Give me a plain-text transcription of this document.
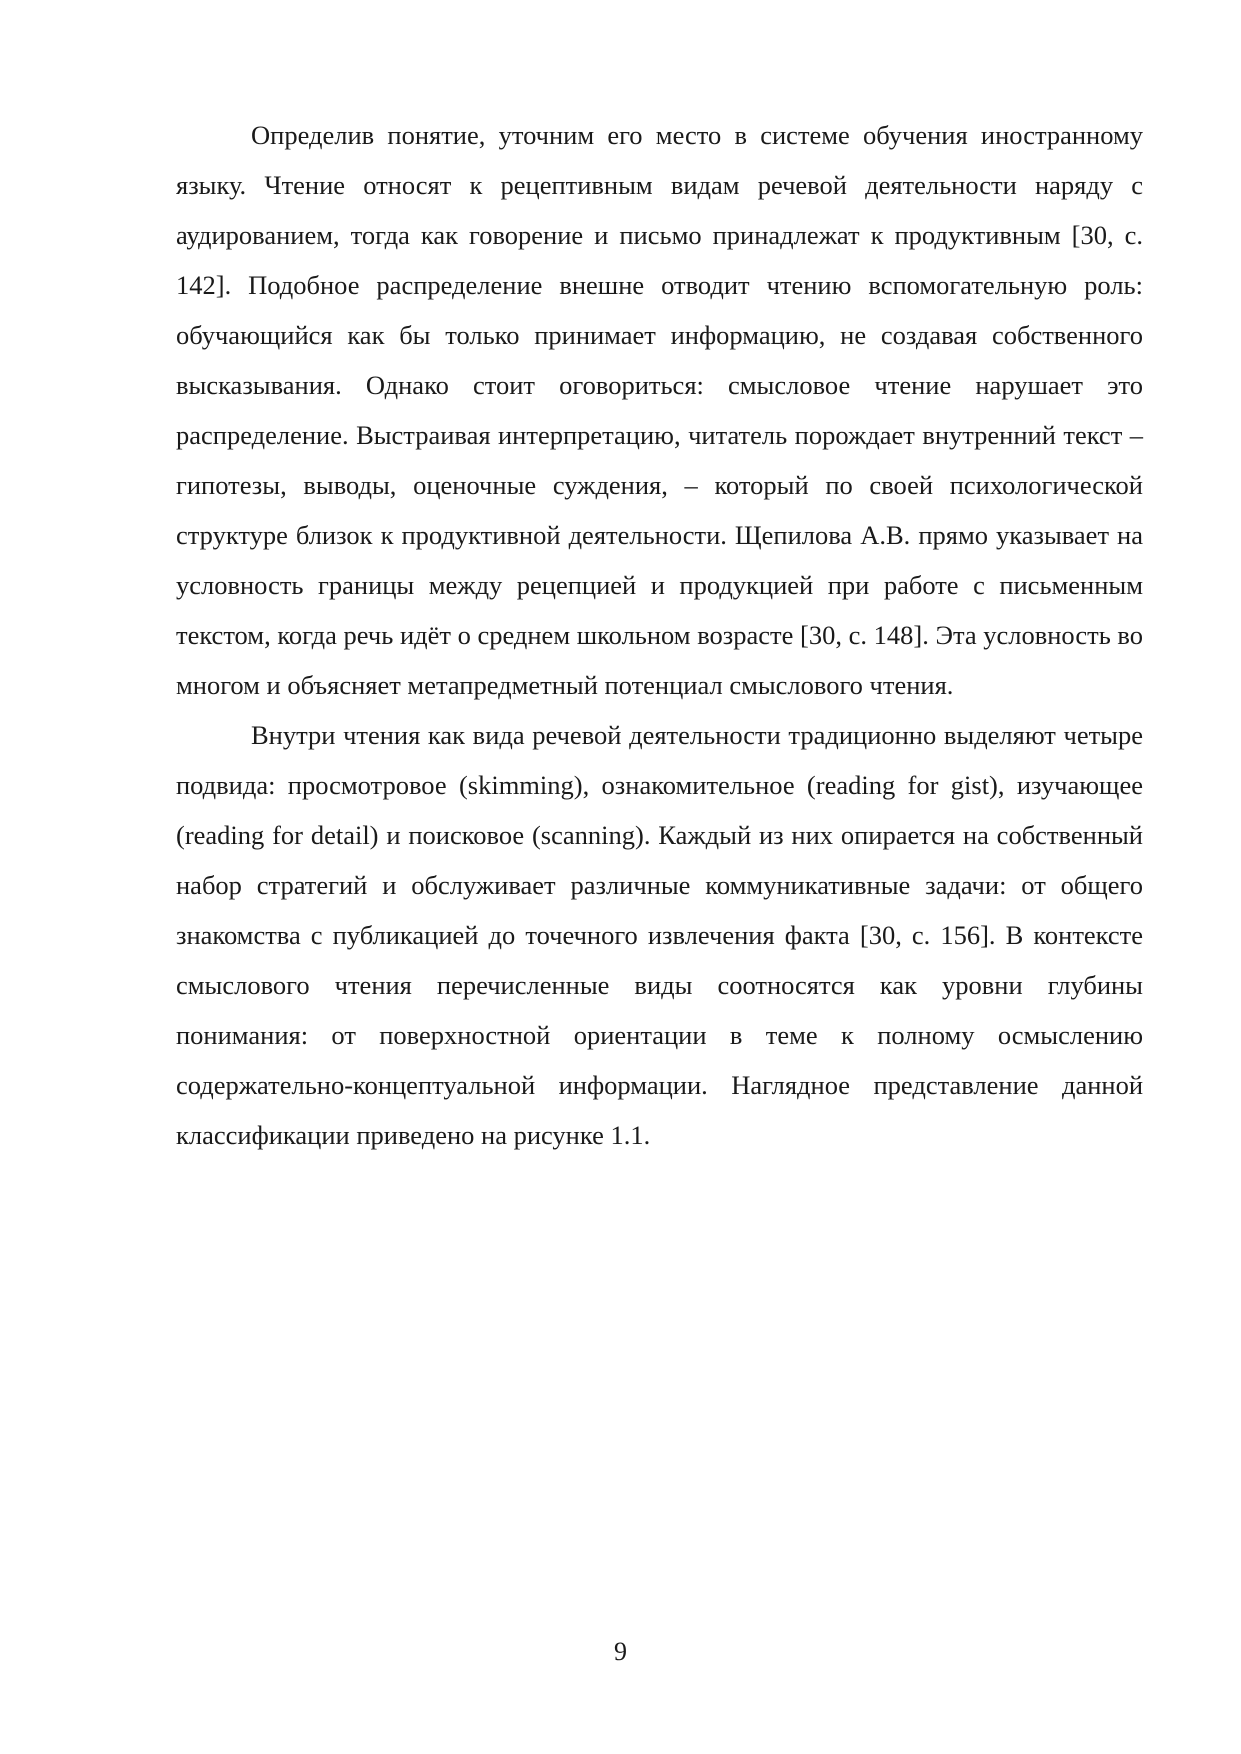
Определив понятие, уточним его место в системе обучения иностранному языку. Чтение относят к рецептивным видам речевой деятельности наряду с аудированием, тогда как говорение и письмо принадлежат к продуктивным [30, с. 142]. Подобное распределение внешне отводит чтению вспомогательную роль: обучающийся как бы только принимает информацию, не создавая собственного высказывания. Однако стоит оговориться: смысловое чтение нарушает это распределение. Выстраивая интерпретацию, читатель порождает внутренний текст – гипотезы, выводы, оценочные суждения, – который по своей психологической структуре близок к продуктивной деятельности. Щепилова А.В. прямо указывает на условность границы между рецепцией и продукцией при работе с письменным текстом, когда речь идёт о среднем школьном возрасте [30, с. 148]. Эта условность во многом и объясняет метапредметный потенциал смыслового чтения.

Внутри чтения как вида речевой деятельности традиционно выделяют четыре подвида: просмотровое (skimming), ознакомительное (reading for gist), изучающее (reading for detail) и поисковое (scanning). Каждый из них опирается на собственный набор стратегий и обслуживает различные коммуникативные задачи: от общего знакомства с публикацией до точечного извлечения факта [30, с. 156]. В контексте смыслового чтения перечисленные виды соотносятся как уровни глубины понимания: от поверхностной ориентации в теме к полному осмыслению содержательно-концептуальной информации. Наглядное представление данной классификации приведено на рисунке 1.1.

9
